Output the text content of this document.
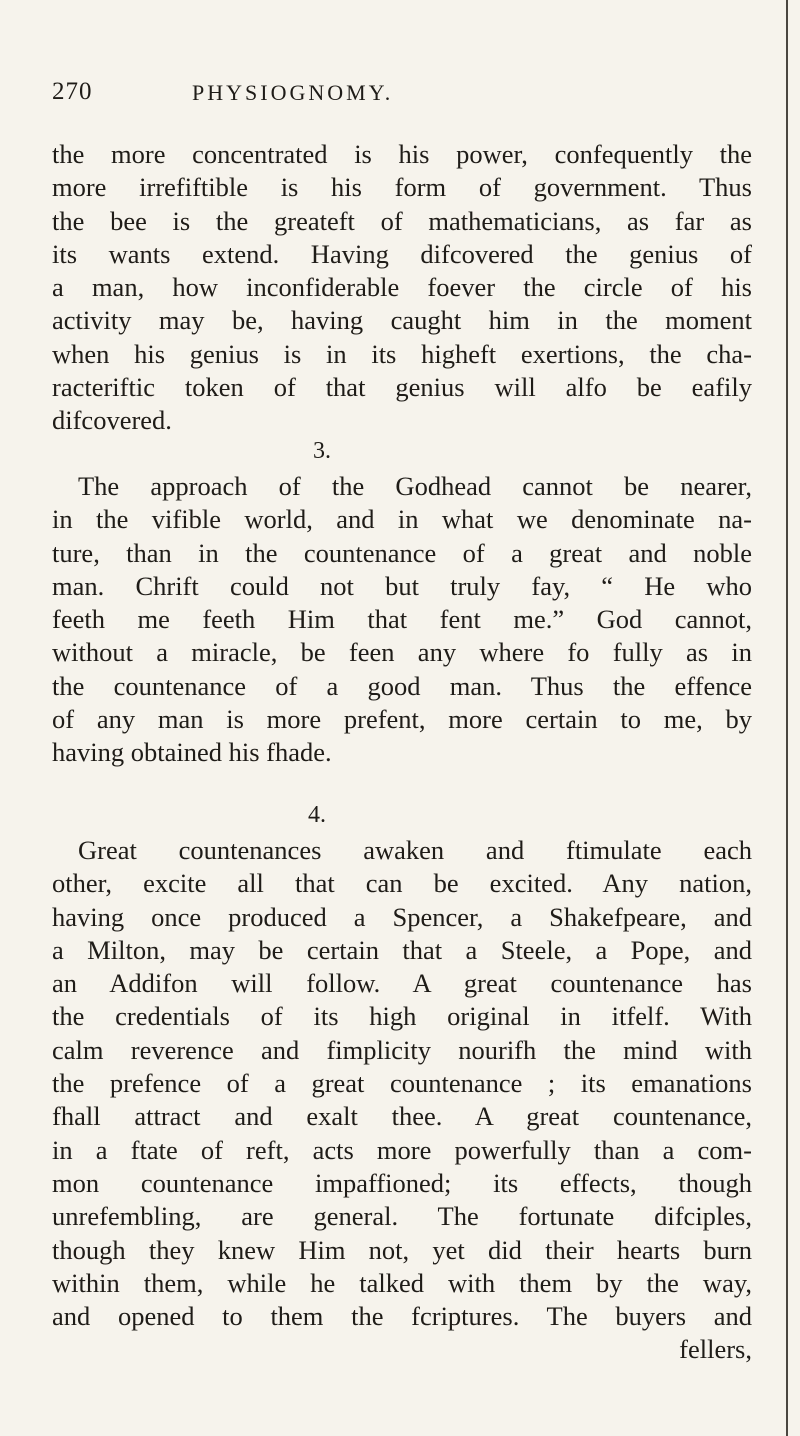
270	PHYSIOGNOMY.
the more concentrated is his power, confequently the
more irrefiftible is his form of government. Thus
the bee is the greateft of mathematicians, as far as
its wants extend. Having difcovered the genius of
a man, how inconfiderable foever the circle of his
activity may be, having caught him in the moment
when his genius is in its higheft exertions, the cha-
racteriftic token of that genius will alfo be eafily
difcovered.
3.
The approach of the Godhead cannot be nearer,
in the vifible world, and in what we denominate na-
ture, than in the countenance of a great and noble
man. Chrift could not but truly fay, “ He who
feeth me feeth Him that fent me.” God cannot,
without a miracle, be feen any where fo fully as in
the countenance of a good man. Thus the effence
of any man is more prefent, more certain to me, by
having obtained his fhade.
4.
Great countenances awaken and ftimulate each
other, excite all that can be excited. Any nation,
having once produced a Spencer, a Shakefpeare, and
a Milton, may be certain that a Steele, a Pope, and
an Addifon will follow. A great countenance has
the credentials of its high original in itfelf. With
calm reverence and fimplicity nourifh the mind with
the prefence of a great countenance ; its emanations
fhall attract and exalt thee. A great countenance,
in a ftate of reft, acts more powerfully than a com-
mon countenance impaffioned; its effects, though
unrefembling, are general. The fortunate difciples,
though they knew Him not, yet did their hearts burn
within them, while he talked with them by the way,
and opened to them the fcriptures. The buyers and
fellers,
